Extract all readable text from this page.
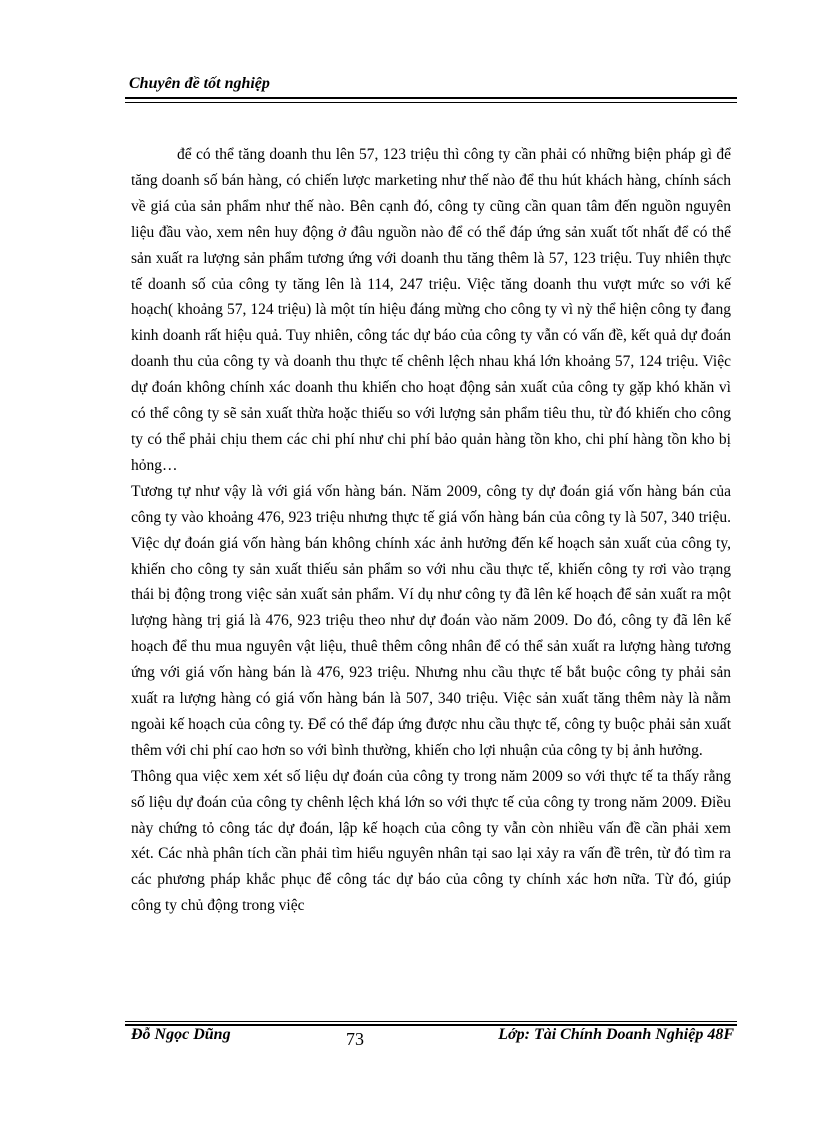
Chuyên đề tốt nghiệp

để có thể tăng doanh thu lên 57, 123 triệu thì công ty cần phải có những biện pháp gì để tăng doanh số bán hàng, có chiến lược marketing như thế nào để thu hút khách hàng, chính sách về giá của sản phẩm như thế nào. Bên cạnh đó, công ty cũng cần quan tâm đến nguồn nguyên liệu đầu vào, xem nên huy động ở đâu nguồn nào để có thể đáp ứng sản xuất tốt nhất để có thể sản xuất ra lượng sản phẩm tương ứng với doanh thu tăng thêm là 57, 123 triệu. Tuy nhiên thực tế doanh số của công ty tăng lên là 114, 247 triệu. Việc tăng doanh thu vượt mức so với kế hoạch( khoảng 57, 124 triệu) là một tín hiệu đáng mừng cho công ty vì nỳ thể hiện công ty đang kinh doanh rất hiệu quả. Tuy nhiên, công tác dự báo của công ty vẫn có vấn đề, kết quả dự đoán doanh thu của công ty và doanh thu thực tế chênh lệch nhau khá lớn khoảng 57, 124 triệu. Việc dự đoán không chính xác doanh thu khiến cho hoạt động sản xuất của công ty gặp khó khăn vì có thể công ty sẽ sản xuất thừa hoặc thiếu so với lượng sản phẩm tiêu thu, từ đó khiến cho công ty có thể phải chịu them các chi phí như chi phí bảo quản hàng tồn kho, chi phí hàng tồn kho bị hỏng…

Tương tự như vậy là với giá vốn hàng bán. Năm 2009, công ty dự đoán giá vốn hàng bán của công ty vào khoảng 476, 923 triệu nhưng thực tế giá vốn hàng bán của công ty là 507, 340 triệu. Việc dự đoán giá vốn hàng bán không chính xác ảnh hưởng đến kế hoạch sản xuất của công ty, khiến cho công ty sản xuất thiếu sản phẩm so với nhu cầu thực tế, khiến công ty rơi vào trạng thái bị động trong việc sản xuất sản phẩm. Ví dụ như công ty đã lên kế hoạch để sản xuất ra một lượng hàng trị giá là 476, 923 triệu theo như dự đoán vào năm 2009. Do đó, công ty đã lên kế hoạch để thu mua nguyên vật liệu, thuê thêm công nhân để có thể sản xuất ra lượng hàng tương ứng với giá vốn hàng bán là 476, 923 triệu. Nhưng nhu cầu thực tế bắt buộc công ty phải sản xuất ra lượng hàng có giá vốn hàng bán là 507, 340 triệu. Việc sản xuất tăng thêm này là nằm ngoài kế hoạch của công ty. Để có thể đáp ứng được nhu cầu thực tế, công ty buộc phải sản xuất thêm với chi phí cao hơn so với bình thường, khiến cho lợi nhuận của công ty bị ảnh hưởng.

Thông qua việc xem xét số liệu dự đoán của công ty trong năm 2009 so với thực tế ta thấy rằng số liệu dự đoán của công ty chênh lệch khá lớn so với thực tế của công ty trong năm 2009. Điều này chứng tỏ công tác dự đoán, lập kế hoạch của công ty vẫn còn nhiều vấn đề cần phải xem xét. Các nhà phân tích cần phải tìm hiểu nguyên nhân tại sao lại xảy ra vấn đề trên, từ đó tìm ra các phương pháp khắc phục để công tác dự báo của công ty chính xác hơn nữa. Từ đó, giúp công ty chủ động trong việc

Đỗ Ngọc Dũng	73	Lớp: Tài Chính Doanh Nghiệp 48F
